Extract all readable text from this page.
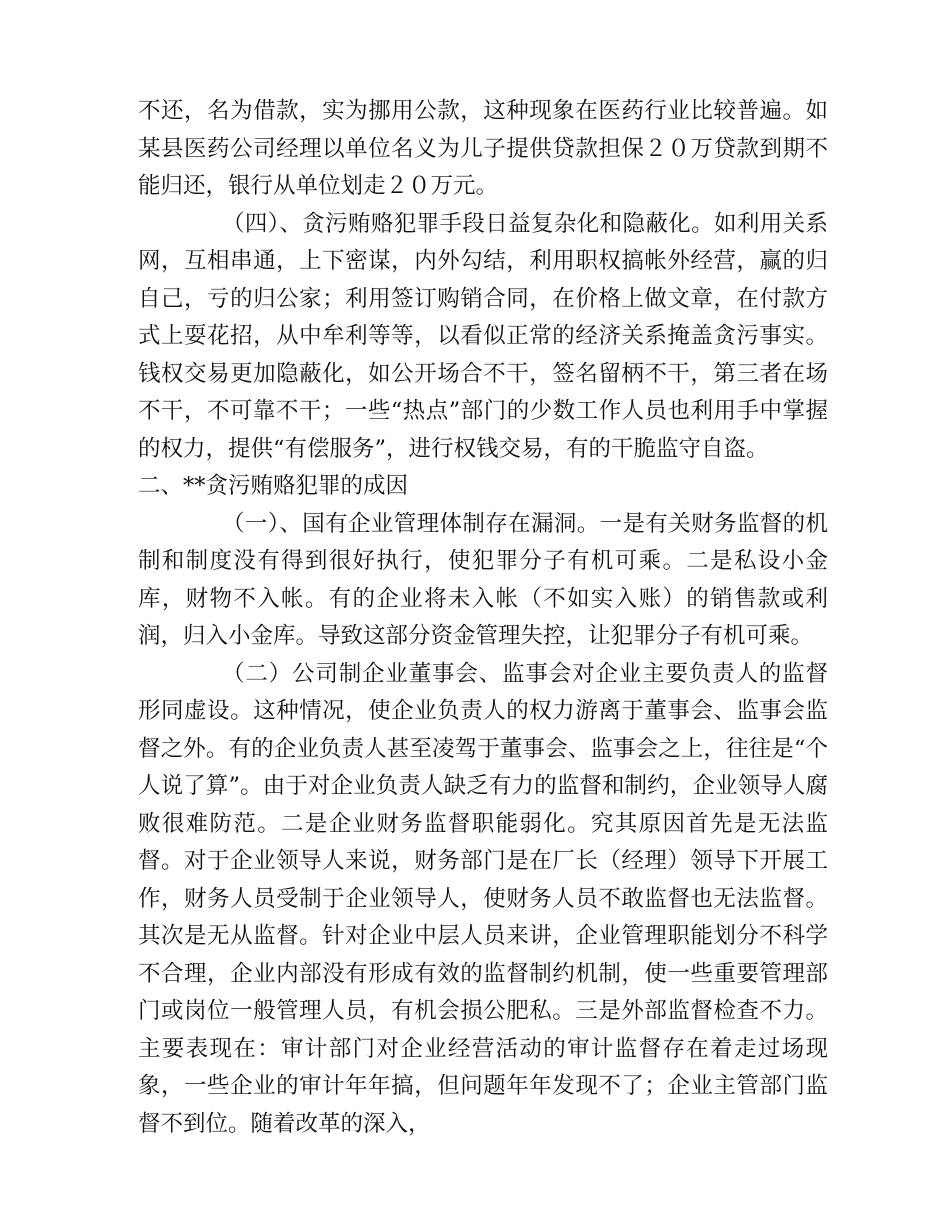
不还，名为借款，实为挪用公款，这种现象在医药行业比较普遍。如某县医药公司经理以单位名义为儿子提供贷款担保２０万贷款到期不能归还，银行从单位划走２０万元。

（四）、贪污贿赂犯罪手段日益复杂化和隐蔽化。如利用关系网，互相串通，上下密谋，内外勾结，利用职权搞帐外经营，赢的归自己，亏的归公家；利用签订购销合同，在价格上做文章，在付款方式上耍花招，从中牟利等等，以看似正常的经济关系掩盖贪污事实。钱权交易更加隐蔽化，如公开场合不干，签名留柄不干，第三者在场不干，不可靠不干；一些“热点”部门的少数工作人员也利用手中掌握的权力，提供“有偿服务”，进行权钱交易，有的干脆监守自盗。

二、**贪污贿赂犯罪的成因

（一）、国有企业管理体制存在漏洞。一是有关财务监督的机制和制度没有得到很好执行，使犯罪分子有机可乘。二是私设小金库，财物不入帐。有的企业将未入帐（不如实入账）的销售款或利润，归入小金库。导致这部分资金管理失控，让犯罪分子有机可乘。

（二）公司制企业董事会、监事会对企业主要负责人的监督形同虚设。这种情况，使企业负责人的权力游离于董事会、监事会监督之外。有的企业负责人甚至凌驾于董事会、监事会之上，往往是“个人说了算”。由于对企业负责人缺乏有力的监督和制约，企业领导人腐败很难防范。二是企业财务监督职能弱化。究其原因首先是无法监督。对于企业领导人来说，财务部门是在厂长（经理）领导下开展工作，财务人员受制于企业领导人，使财务人员不敢监督也无法监督。其次是无从监督。针对企业中层人员来讲，企业管理职能划分不科学不合理，企业内部没有形成有效的监督制约机制，使一些重要管理部门或岗位一般管理人员，有机会损公肥私。三是外部监督检查不力。主要表现在：审计部门对企业经营活动的审计监督存在着走过场现象，一些企业的审计年年搞，但问题年年发现不了；企业主管部门监督不到位。随着改革的深入，
